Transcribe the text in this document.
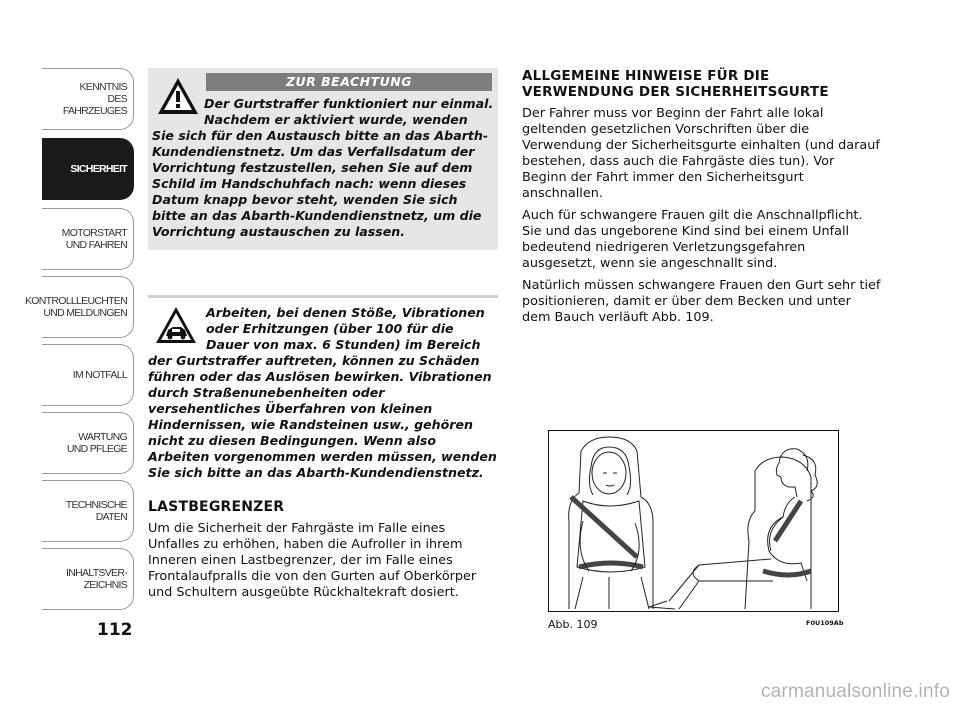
KENNTNIS
DES FAHRZEUGES
SICHERHEIT
MOTORSTART
UND FAHREN
KONTROLLLEUCHTEN
UND MELDUNGEN
IM NOTFALL
WARTUNG
UND PFLEGE
TECHNISCHE
DATEN
INHALTSVER-
ZEICHNIS
112
ZUR BEACHTUNG
Der Gurtstraffer funktioniert nur einmal. Nachdem er aktiviert wurde, wenden Sie sich für den Austausch bitte an das Abarth-Kundendienstnetz. Um das Verfallsdatum der Vorrichtung festzustellen, sehen Sie auf dem Schild im Handschuhfach nach: wenn dieses Datum knapp bevor steht, wenden Sie sich bitte an das Abarth-Kundendienstnetz, um die Vorrichtung austauschen zu lassen.
Arbeiten, bei denen Stöße, Vibrationen oder Erhitzungen (über 100 für die Dauer von max. 6 Stunden) im Bereich der Gurtstraffer auftreten, können zu Schäden führen oder das Auslösen bewirken. Vibrationen durch Straßenunebenheiten oder versehentliches Überfahren von kleinen Hindernissen, wie Randsteinen usw., gehören nicht zu diesen Bedingungen. Wenn also Arbeiten vorgenommen werden müssen, wenden Sie sich bitte an das Abarth-Kundendienstnetz.
LASTBEGRENZER
Um die Sicherheit der Fahrgäste im Falle eines Unfalles zu erhöhen, haben die Aufroller in ihrem Inneren einen Lastbegrenzer, der im Falle eines Frontalaufpralls die von den Gurten auf Oberkörper und Schultern ausgeübte Rückhaltekraft dosiert.
ALLGEMEINE HINWEISE FÜR DIE VERWENDUNG DER SICHERHEITSGURTE

Der Fahrer muss vor Beginn der Fahrt alle lokal geltenden gesetzlichen Vorschriften über die Verwendung der Sicherheitsgurte einhalten (und darauf bestehen, dass auch die Fahrgäste dies tun). Vor Beginn der Fahrt immer den Sicherheitsgurt anschnallen.

Auch für schwangere Frauen gilt die Anschnallpflicht. Sie und das ungeborene Kind sind bei einem Unfall bedeutend niedrigeren Verletzungsgefahren ausgesetzt, wenn sie angeschnallt sind.

Natürlich müssen schwangere Frauen den Gurt sehr tief positionieren, damit er über dem Becken und unter dem Bauch verläuft Abb. 109.

F0U109Ab
Abb. 109
carmanualsonline.info
